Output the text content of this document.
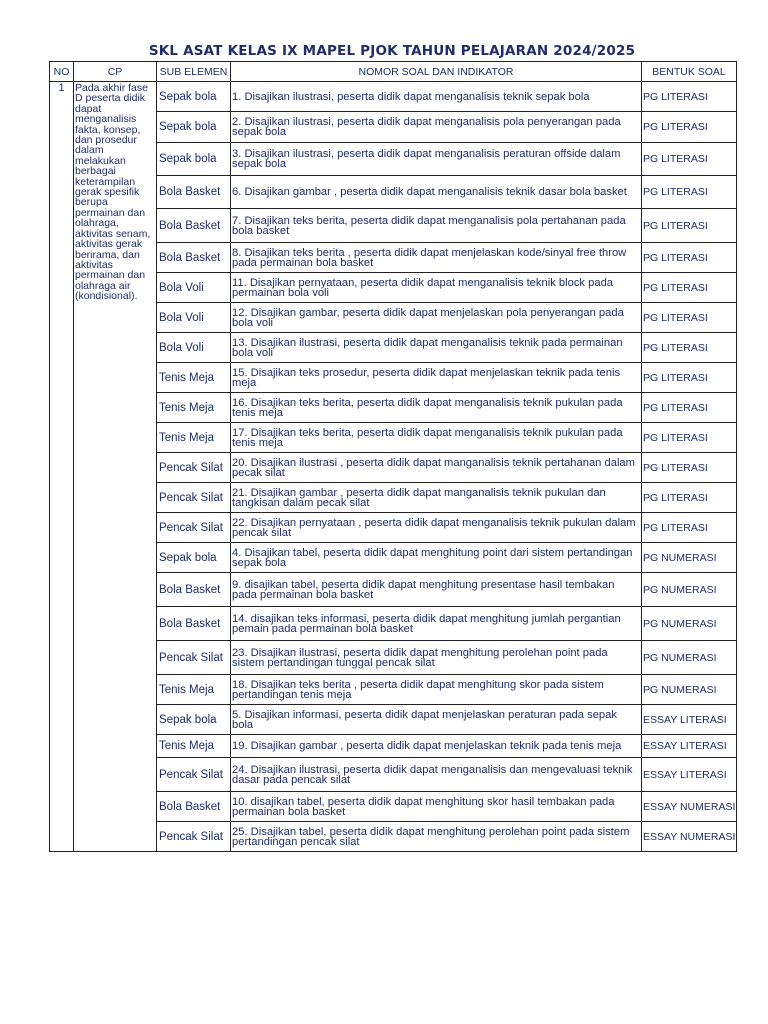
SKL ASAT KELAS IX MAPEL PJOK TAHUN PELAJARAN 2024/2025
NO	CP	SUB ELEMEN	NOMOR SOAL DAN INDIKATOR	BENTUK SOAL
1	Pada akhir fase D peserta didik dapat menganalisis fakta, konsep, dan prosedur dalam melakukan berbagai keterampilan gerak spesifik berupa permainan dan olahraga, aktivitas senam, aktivitas gerak berirama, dan aktivitas permainan dan olahraga air (kondisional).	Sepak bola	1. Disajikan ilustrasi, peserta didik dapat menganalisis teknik sepak bola	PG LITERASI
		Sepak bola	2. Disajikan ilustrasi, peserta didik dapat menganalisis pola penyerangan pada sepak bola	PG LITERASI
		Sepak bola	3. Disajikan ilustrasi, peserta didik dapat menganalisis peraturan offside dalam sepak bola	PG LITERASI
		Bola Basket	6. Disajikan gambar , peserta didik dapat menganalisis teknik dasar bola basket	PG LITERASI
		Bola Basket	7. Disajikan teks berita, peserta didik dapat menganalisis pola pertahanan pada bola basket	PG LITERASI
		Bola Basket	8. Disajikan teks berita , peserta didik dapat menjelaskan kode/sinyal free throw pada permainan bola basket	PG LITERASI
		Bola Voli	11. Disajikan pernyataan, peserta didik dapat menganalisis teknik block pada permainan bola voli	PG LITERASI
		Bola Voli	12. Disajikan gambar, peserta didik dapat menjelaskan pola penyerangan pada bola voli	PG LITERASI
		Bola Voli	13. Disajikan ilustrasi, peserta didik dapat menganalisis teknik pada permainan bola voli	PG LITERASI
		Tenis Meja	15. Disajikan teks prosedur, peserta didik dapat menjelaskan teknik pada tenis meja	PG LITERASI
		Tenis Meja	16. Disajikan teks berita, peserta didik dapat menganalisis teknik pukulan pada tenis meja	PG LITERASI
		Tenis Meja	17. Disajikan teks berita, peserta didik dapat menganalisis teknik pukulan pada tenis meja	PG LITERASI
		Pencak Silat	20. Disajikan ilustrasi , peserta didik dapat manganalisis teknik pertahanan dalam pecak silat	PG LITERASI
		Pencak Silat	21. Disajikan gambar , peserta didik dapat manganalisis teknik pukulan dan tangkisan dalam pecak silat	PG LITERASI
		Pencak Silat	22. Disajikan pernyataan , peserta didik dapat menganalisis teknik pukulan dalam pencak silat	PG LITERASI
		Sepak bola	4. Disajikan tabel, peserta didik dapat menghitung point dari sistem pertandingan sepak bola	PG NUMERASI
		Bola Basket	9. disajikan tabel, peserta didik dapat menghitung presentase hasil tembakan pada permainan bola basket	PG NUMERASI
		Bola Basket	14. disajikan teks informasi, peserta didik dapat menghitung jumlah pergantian pemain pada permainan bola basket	PG NUMERASI
		Pencak Silat	23. Disajikan ilustrasi, peserta didik dapat menghitung perolehan point pada sistem pertandingan tunggal pencak silat	PG NUMERASI
		Tenis Meja	18. Disajikan teks berita , peserta didik dapat menghitung skor pada sistem pertandingan tenis meja	PG NUMERASI
		Sepak bola	5. Disajikan informasi, peserta didik dapat menjelaskan peraturan pada sepak bola	ESSAY LITERASI
		Tenis Meja	19. Disajikan gambar , peserta didik dapat menjelaskan teknik pada tenis meja	ESSAY LITERASI
		Pencak Silat	24. Disajikan ilustrasi, peserta didik dapat menganalisis dan mengevaluasi teknik dasar pada pencak silat	ESSAY LITERASI
		Bola Basket	10. disajikan tabel, peserta didik dapat menghitung skor hasil tembakan pada permainan bola basket	ESSAY NUMERASI
		Pencak Silat	25. Disajikan tabel, peserta didik dapat menghitung perolehan point pada sistem pertandingan pencak silat	ESSAY NUMERASI
